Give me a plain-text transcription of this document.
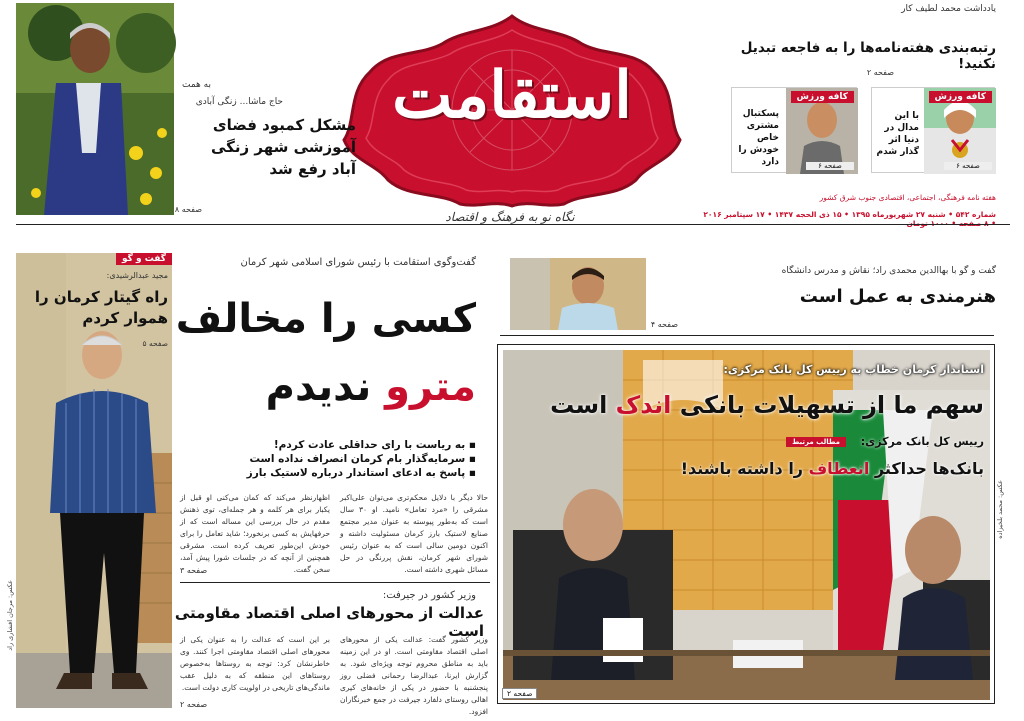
استقامت
نگاه نو به فرهنگ و اقتصاد
به همت
حاج ماشا... زنگی آبادی
مشکل کمبود فضای آموزشی شهر زنگی آباد رفع شد
صفحه ۸
یادداشت محمد لطیف کار
رتبه‌بندی هفته‌نامه‌ها را به فاجعه تبدیل نکنید!
صفحه ۲
کافه ورزش
با این مدال در دنیا اثر گذار شدم
صفحه ۶
کافه ورزش
پسکتبال مشتری خاص خودش را دارد	صفحه ۶
هفته نامه فرهنگی، اجتماعی، اقتصادی جنوب شرق کشور
شماره ۵۴۲ • شنبه ۲۷ شهریورماه ۱۳۹۵ • ۱۵ ذی الحجه ۱۴۳۷ • ۱۷ سپتامبر ۲۰۱۶
گفت و گو با بهاالدین محمدی راد؛ نقاش و مدرس دانشگاه
هنرمندی به عمل است
صفحه ۴
استاندار کرمان خطاب به رییس کل بانک مرکزی:
سهم ما از تسهیلات بانکی اندک است
رییس کل بانک مرکزی:
مطالب مرتبط
بانک‌ها حداکثر انعطاف را داشته باشند!
صفحه ۲
عکس: محمد بلخیزاده
گفت و گو
مجید عبدالرشیدی:
راه گیتار کرمان را هموار کردم
صفحه ۵
عکس: مرجان افشاری راد
گفت‌وگوی استقامت با رئیس شورای اسلامی شهر کرمان
کسی را مخالف
مترو ندیدم
▪ به ریاست با رای حداقلی عادت کردم!
▪ سرمایه‌گذار بام کرمان انصراف نداده است
▪ پاسخ به ادعای استاندار درباره لاستیک بارز
حالا دیگر با دلایل محکم‌تری می‌توان علی‌اکبر مشرقی را «مرد تعامل» نامید. او ۳۰ سال است که به‌طور پیوسته به عنوان مدیر مجتمع صنایع لاستیک بارز کرمان مسئولیت داشته و اکنون دومین سالی است که به عنوان رئیس شورای شهر کرمان، نقش پررنگی در حل مسائل شهری داشته است.
اظهارنظر می‌کند که کمان می‌کنی او قبل از یکبار برای هر کلمه و هر جمله‌ای، توی ذهنش مقدم در حال بررسی این مساله است که از حرفهایش به کسی برنخورد؛ شاید تعامل را برای خودش این‌طور تعریف کرده است. مشرقی همچنین از آنچه که در جلسات شورا پیش آمد، سخن گفت.
صفحه ۳
وزیر کشور در جیرفت:
عدالت از محورهای اصلی اقتصاد مقاومتی است
وزیر کشور گفت: عدالت یکی از محورهای اصلی اقتصاد مقاومتی است. او در این زمینه باید به مناطق محروم توجه ویژه‌ای شود. به گزارش ایرنا، عبدالرضا رحمانی فضلی روز پنجشنبه با حضور در یکی از خانه‌های کیری اهالی روستای دلفارد جیرفت در جمع خبرنگاران افزود.
بر این است که عدالت را به عنوان یکی از محورهای اصلی اقتصاد مقاومتی اجرا کنند. وی خاطرنشان کرد: توجه به روستاها به‌خصوص روستاهای این منطقه که به دلیل عقب ماندگی‌های تاریخی در اولویت کاری دولت است.
صفحه ۲
